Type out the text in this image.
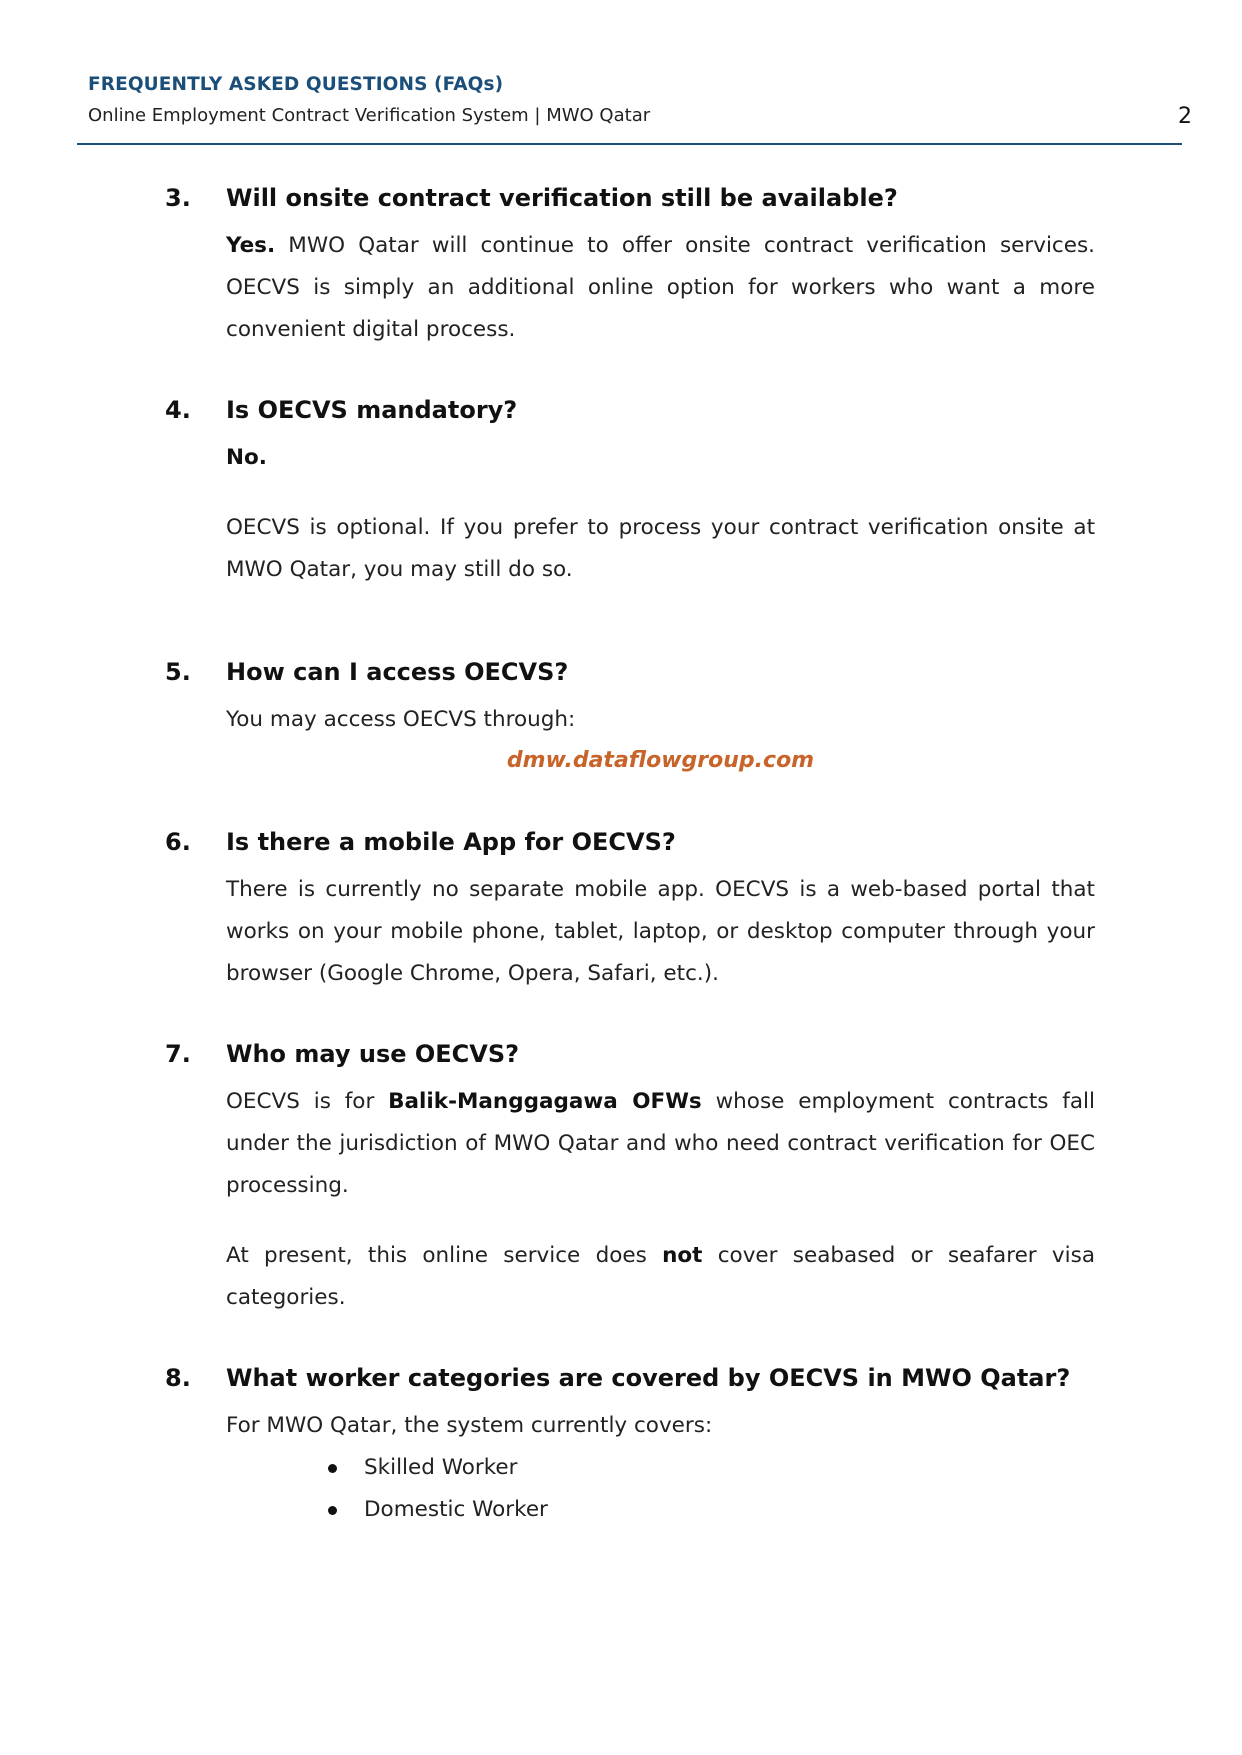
FREQUENTLY ASKED QUESTIONS (FAQs)
Online Employment Contract Verification System | MWO Qatar	2
3. Will onsite contract verification still be available?

Yes. MWO Qatar will continue to offer onsite contract verification services. OECVS is simply an additional online option for workers who want a more convenient digital process.

4. Is OECVS mandatory?

No.

OECVS is optional. If you prefer to process your contract verification onsite at MWO Qatar, you may still do so.

5. How can I access OECVS?

You may access OECVS through:

dmw.dataflowgroup.com
6. Is there a mobile App for OECVS?

There is currently no separate mobile app. OECVS is a web-based portal that works on your mobile phone, tablet, laptop, or desktop computer through your browser (Google Chrome, Opera, Safari, etc.).

7. Who may use OECVS?

OECVS is for Balik-Manggagawa OFWs whose employment contracts fall under the jurisdiction of MWO Qatar and who need contract verification for OEC processing.

At present, this online service does not cover seabased or seafarer visa categories.

8. What worker categories are covered by OECVS in MWO Qatar?

For MWO Qatar, the system currently covers:

Skilled Worker
Domestic Worker
